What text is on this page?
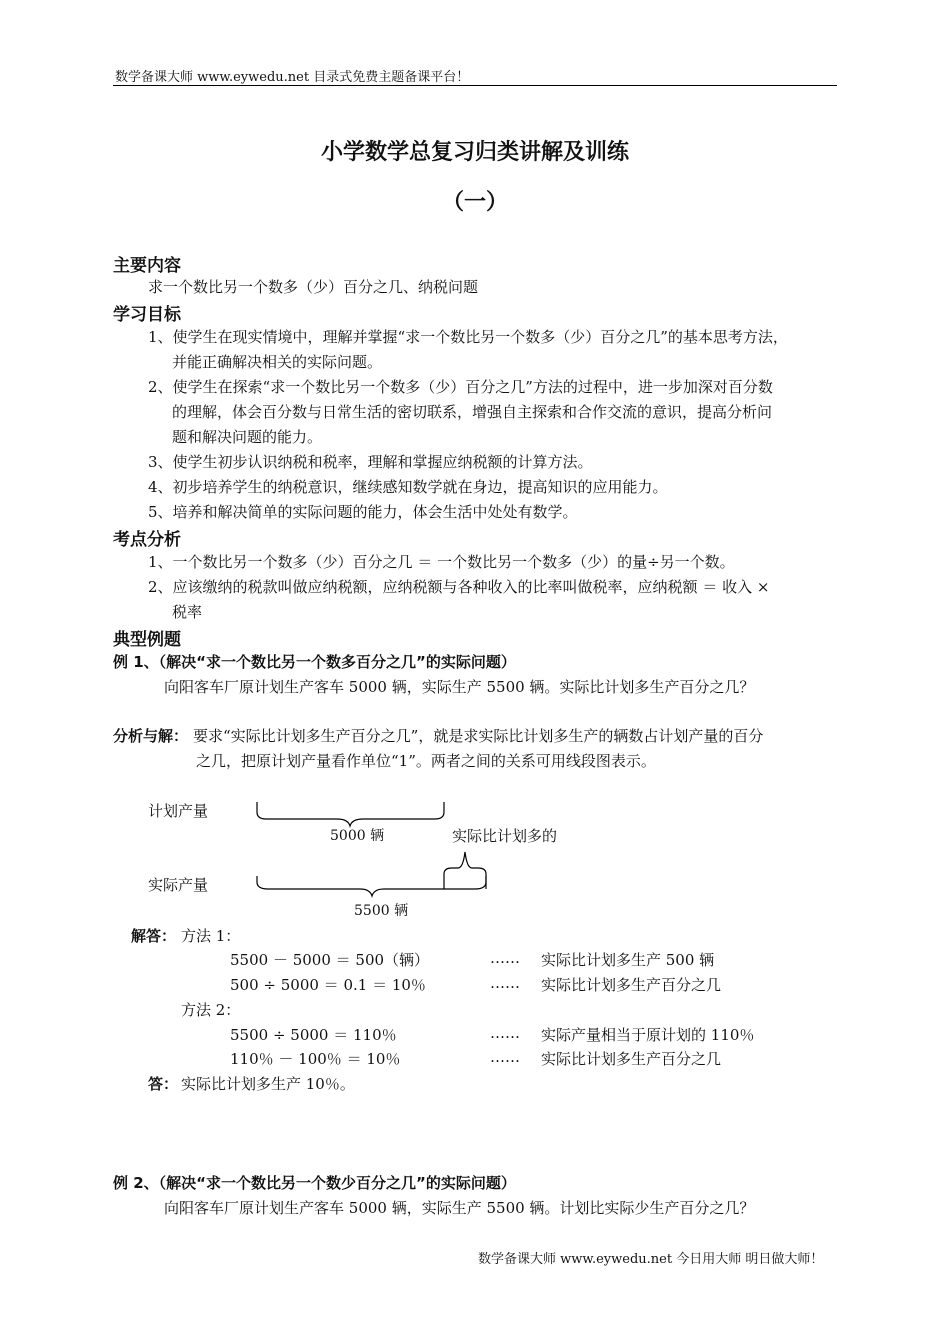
数学备课大师 www.eywedu.net 目录式免费主题备课平台！
小学数学总复习归类讲解及训练
（一）
主要内容
求一个数比另一个数多（少）百分之几、纳税问题
学习目标
1、使学生在现实情境中，理解并掌握“求一个数比另一个数多（少）百分之几”的基本思考方法，
并能正确解决相关的实际问题。
2、使学生在探索“求一个数比另一个数多（少）百分之几”方法的过程中，进一步加深对百分数
的理解，体会百分数与日常生活的密切联系，增强自主探索和合作交流的意识，提高分析问
题和解决问题的能力。
3、使学生初步认识纳税和税率，理解和掌握应纳税额的计算方法。
4、初步培养学生的纳税意识，继续感知数学就在身边，提高知识的应用能力。
5、培养和解决简单的实际问题的能力，体会生活中处处有数学。
考点分析
1、一个数比另一个数多（少）百分之几 ＝ 一个数比另一个数多（少）的量÷另一个数。
2、应该缴纳的税款叫做应纳税额，应纳税额与各种收入的比率叫做税率，应纳税额 ＝ 收入 ×
税率
典型例题
例 1、（解决“求一个数比另一个数多百分之几”的实际问题）
向阳客车厂原计划生产客车 5000 辆，实际生产 5500 辆。实际比计划多生产百分之几？
分析与解： 要求“实际比计划多生产百分之几”，就是求实际比计划多生产的辆数占计划产量的百分
之几，把原计划产量看作单位“1”。两者之间的关系可用线段图表示。
计划产量
5000 辆	实际比计划多的
实际产量
5500 辆
解答： 方法 1：
5500 － 5000 ＝ 500（辆）	…… 实际比计划多生产 500 辆
500 ÷ 5000 ＝ 0.1 ＝ 10％	…… 实际比计划多生产百分之几
方法 2：
5500 ÷ 5000 ＝ 110％	…… 实际产量相当于原计划的 110％
110％ － 100％ ＝ 10％	…… 实际比计划多生产百分之几
答： 实际比计划多生产 10％。
例 2、（解决“求一个数比另一个数少百分之几”的实际问题）
向阳客车厂原计划生产客车 5000 辆，实际生产 5500 辆。计划比实际少生产百分之几？
数学备课大师 www.eywedu.net 今日用大师 明日做大师！
